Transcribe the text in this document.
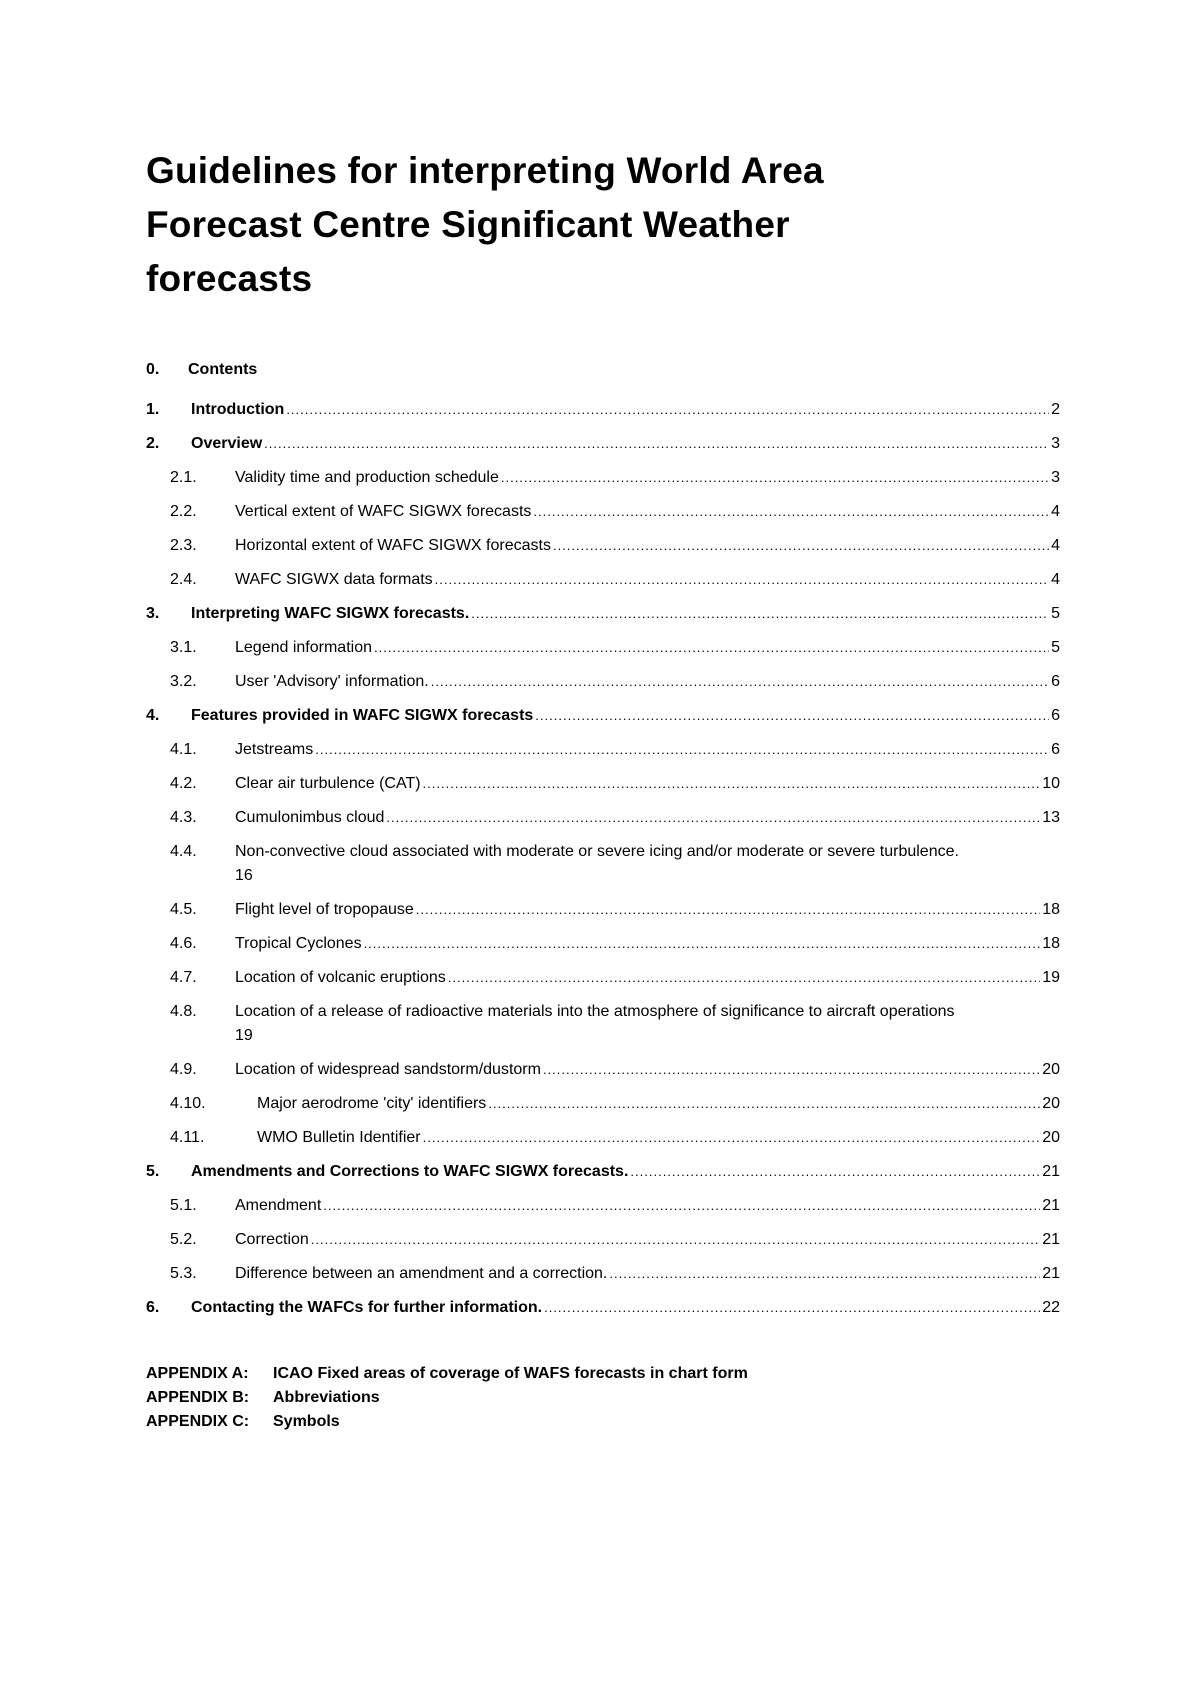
Guidelines for interpreting World Area Forecast Centre Significant Weather forecasts
0. Contents
1.	Introduction .....	2
2.	Overview .....	3
2.1.	Validity time and production schedule .....	3
2.2.	Vertical extent of WAFC SIGWX forecasts .....	4
2.3.	Horizontal extent of WAFC SIGWX forecasts .....	4
2.4.	WAFC SIGWX data formats .....	4
3.	Interpreting WAFC SIGWX forecasts. .....	5
3.1.	Legend information .....	5
3.2.	User 'Advisory' information. .....	6
4.	Features provided in WAFC SIGWX forecasts .....	6
4.1.	Jetstreams .....	6
4.2.	Clear air turbulence (CAT) .....	10
4.3.	Cumulonimbus cloud .....	13
4.4.	Non-convective cloud associated with moderate or severe icing and/or moderate or severe turbulence.
16
4.5.	Flight level of tropopause .....	18
4.6.	Tropical Cyclones .....	18
4.7.	Location of volcanic eruptions .....	19
4.8.	Location of a release of radioactive materials into the atmosphere of significance to aircraft operations
19
4.9.	Location of widespread sandstorm/dustorm .....	20
4.10.	Major aerodrome 'city' identifiers .....	20
4.11.	WMO Bulletin Identifier .....	20
5.	Amendments and Corrections to WAFC SIGWX forecasts. .....	21
5.1.	Amendment .....	21
5.2.	Correction .....	21
5.3.	Difference between an amendment and a correction. .....	21
6.	Contacting the WAFCs for further information. .....	22
APPENDIX A: ICAO Fixed areas of coverage of WAFS forecasts in chart form
APPENDIX B: Abbreviations
APPENDIX C: Symbols
